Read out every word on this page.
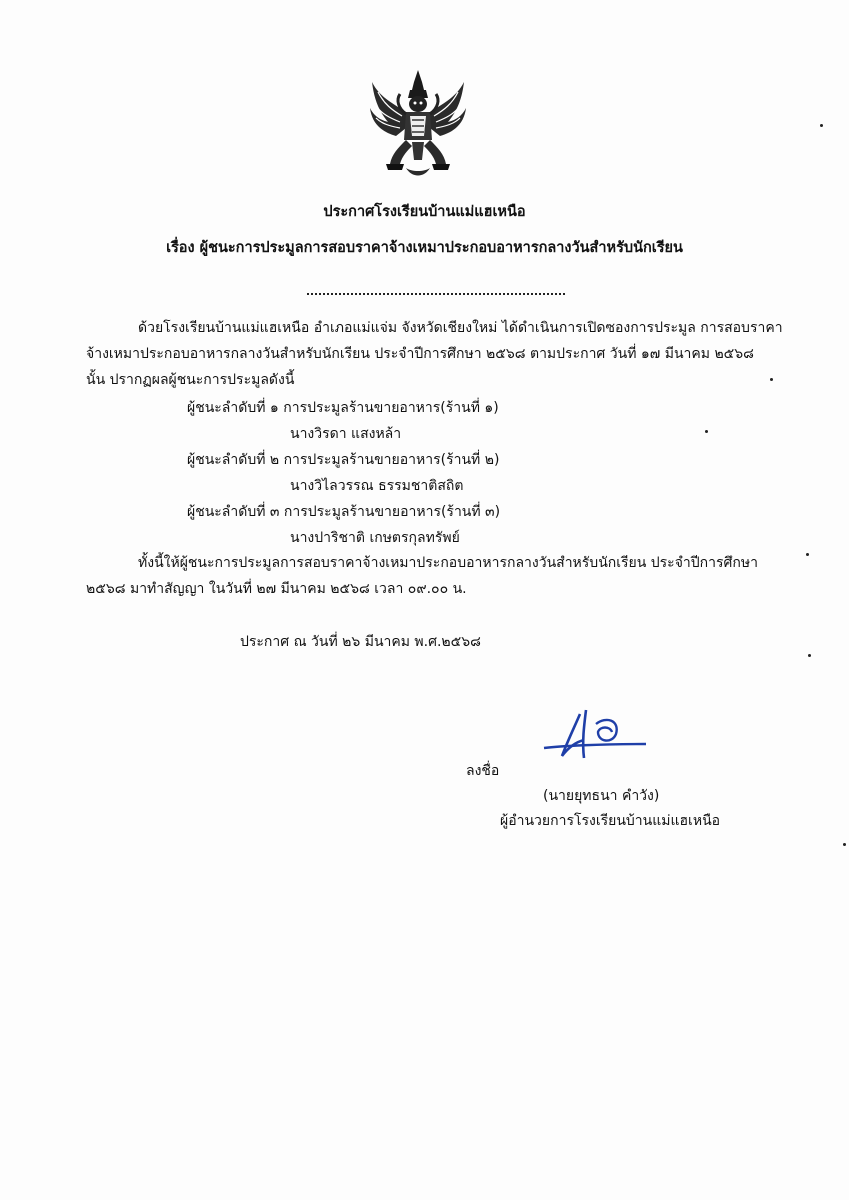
ประกาศโรงเรียนบ้านแม่แฮเหนือ
เรื่อง ผู้ชนะการประมูลการสอบราคาจ้างเหมาประกอบอาหารกลางวันสำหรับนักเรียน
ด้วยโรงเรียนบ้านแม่แฮเหนือ อำเภอแม่แจ่ม จังหวัดเชียงใหม่ ได้ดำเนินการเปิดซองการประมูล การสอบราคา
จ้างเหมาประกอบอาหารกลางวันสำหรับนักเรียน ประจำปีการศึกษา ๒๕๖๘ ตามประกาศ วันที่ ๑๗ มีนาคม ๒๕๖๘
นั้น ปรากฏผลผู้ชนะการประมูลดังนี้
ผู้ชนะลำดับที่ ๑ การประมูลร้านขายอาหาร(ร้านที่ ๑)
นางวิรดา แสงหล้า
ผู้ชนะลำดับที่ ๒ การประมูลร้านขายอาหาร(ร้านที่ ๒)
นางวิไลวรรณ ธรรมชาติสถิต
ผู้ชนะลำดับที่ ๓ การประมูลร้านขายอาหาร(ร้านที่ ๓)
นางปาริชาติ เกษตรกุลทรัพย์
ทั้งนี้ให้ผู้ชนะการประมูลการสอบราคาจ้างเหมาประกอบอาหารกลางวันสำหรับนักเรียน ประจำปีการศึกษา
๒๕๖๘ มาทำสัญญา ในวันที่ ๒๗ มีนาคม ๒๕๖๘ เวลา ๐๙.๐๐ น.
ประกาศ ณ วันที่ ๒๖ มีนาคม พ.ศ.๒๕๖๘
ลงชื่อ
(นายยุทธนา คำวัง)
ผู้อำนวยการโรงเรียนบ้านแม่แฮเหนือ
